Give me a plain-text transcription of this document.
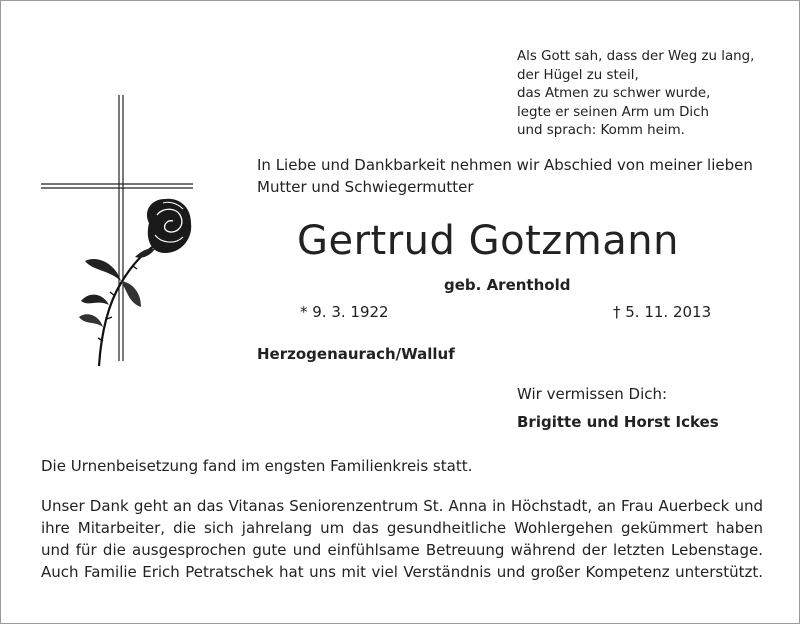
Als Gott sah, dass der Weg zu lang,
der Hügel zu steil,
das Atmen zu schwer wurde,
legte er seinen Arm um Dich
und sprach: Komm heim.
In Liebe und Dankbarkeit nehmen wir Abschied von meiner lieben
Mutter und Schwiegermutter
Gertrud Gotzmann
geb. Arenthold
* 9. 3. 1922	† 5. 11. 2013
Herzogenaurach/Walluf
Wir vermissen Dich:
Brigitte und Horst Ickes
Die Urnenbeisetzung fand im engsten Familienkreis statt.
Unser Dank geht an das Vitanas Seniorenzentrum St. Anna in Höchstadt, an Frau Auerbeck und
ihre Mitarbeiter, die sich jahrelang um das gesundheitliche Wohlergehen gekümmert haben
und für die ausgesprochen gute und einfühlsame Betreuung während der letzten Lebenstage.
Auch Familie Erich Petratschek hat uns mit viel Verständnis und großer Kompetenz unterstützt.
